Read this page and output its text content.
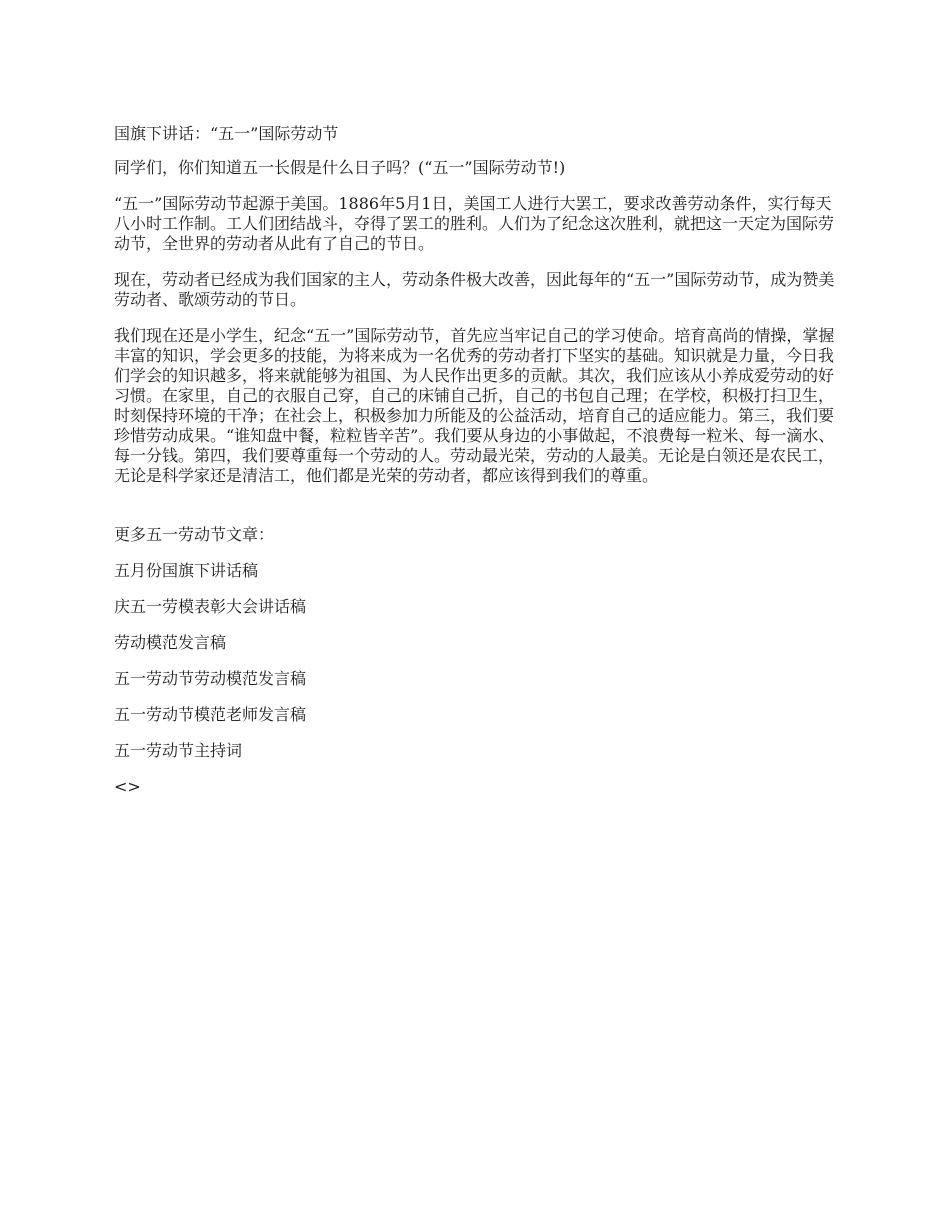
国旗下讲话：“五一”国际劳动节

同学们，你们知道五一长假是什么日子吗？(“五一”国际劳动节!)

“五一”国际劳动节起源于美国。1886年5月1日，美国工人进行大罢工，要求改善劳动条件，实行每天八小时工作制。工人们团结战斗，夺得了罢工的胜利。人们为了纪念这次胜利，就把这一天定为国际劳动节，全世界的劳动者从此有了自己的节日。

现在，劳动者已经成为我们国家的主人，劳动条件极大改善，因此每年的“五一”国际劳动节，成为赞美劳动者、歌颂劳动的节日。

我们现在还是小学生，纪念“五一”国际劳动节，首先应当牢记自己的学习使命。培育高尚的情操，掌握丰富的知识，学会更多的技能，为将来成为一名优秀的劳动者打下坚实的基础。知识就是力量，今日我们学会的知识越多，将来就能够为祖国、为人民作出更多的贡献。其次，我们应该从小养成爱劳动的好习惯。在家里，自己的衣服自己穿，自己的床铺自己折，自己的书包自己理；在学校，积极打扫卫生，时刻保持环境的干净；在社会上，积极参加力所能及的公益活动，培育自己的适应能力。第三，我们要珍惜劳动成果。“谁知盘中餐，粒粒皆辛苦”。我们要从身边的小事做起，不浪费每一粒米、每一滴水、每一分钱。第四，我们要尊重每一个劳动的人。劳动最光荣，劳动的人最美。无论是白领还是农民工，无论是科学家还是清洁工，他们都是光荣的劳动者，都应该得到我们的尊重。

更多五一劳动节文章：

五月份国旗下讲话稿

庆五一劳模表彰大会讲话稿

劳动模范发言稿

五一劳动节劳动模范发言稿

五一劳动节模范老师发言稿

五一劳动节主持词

<>
